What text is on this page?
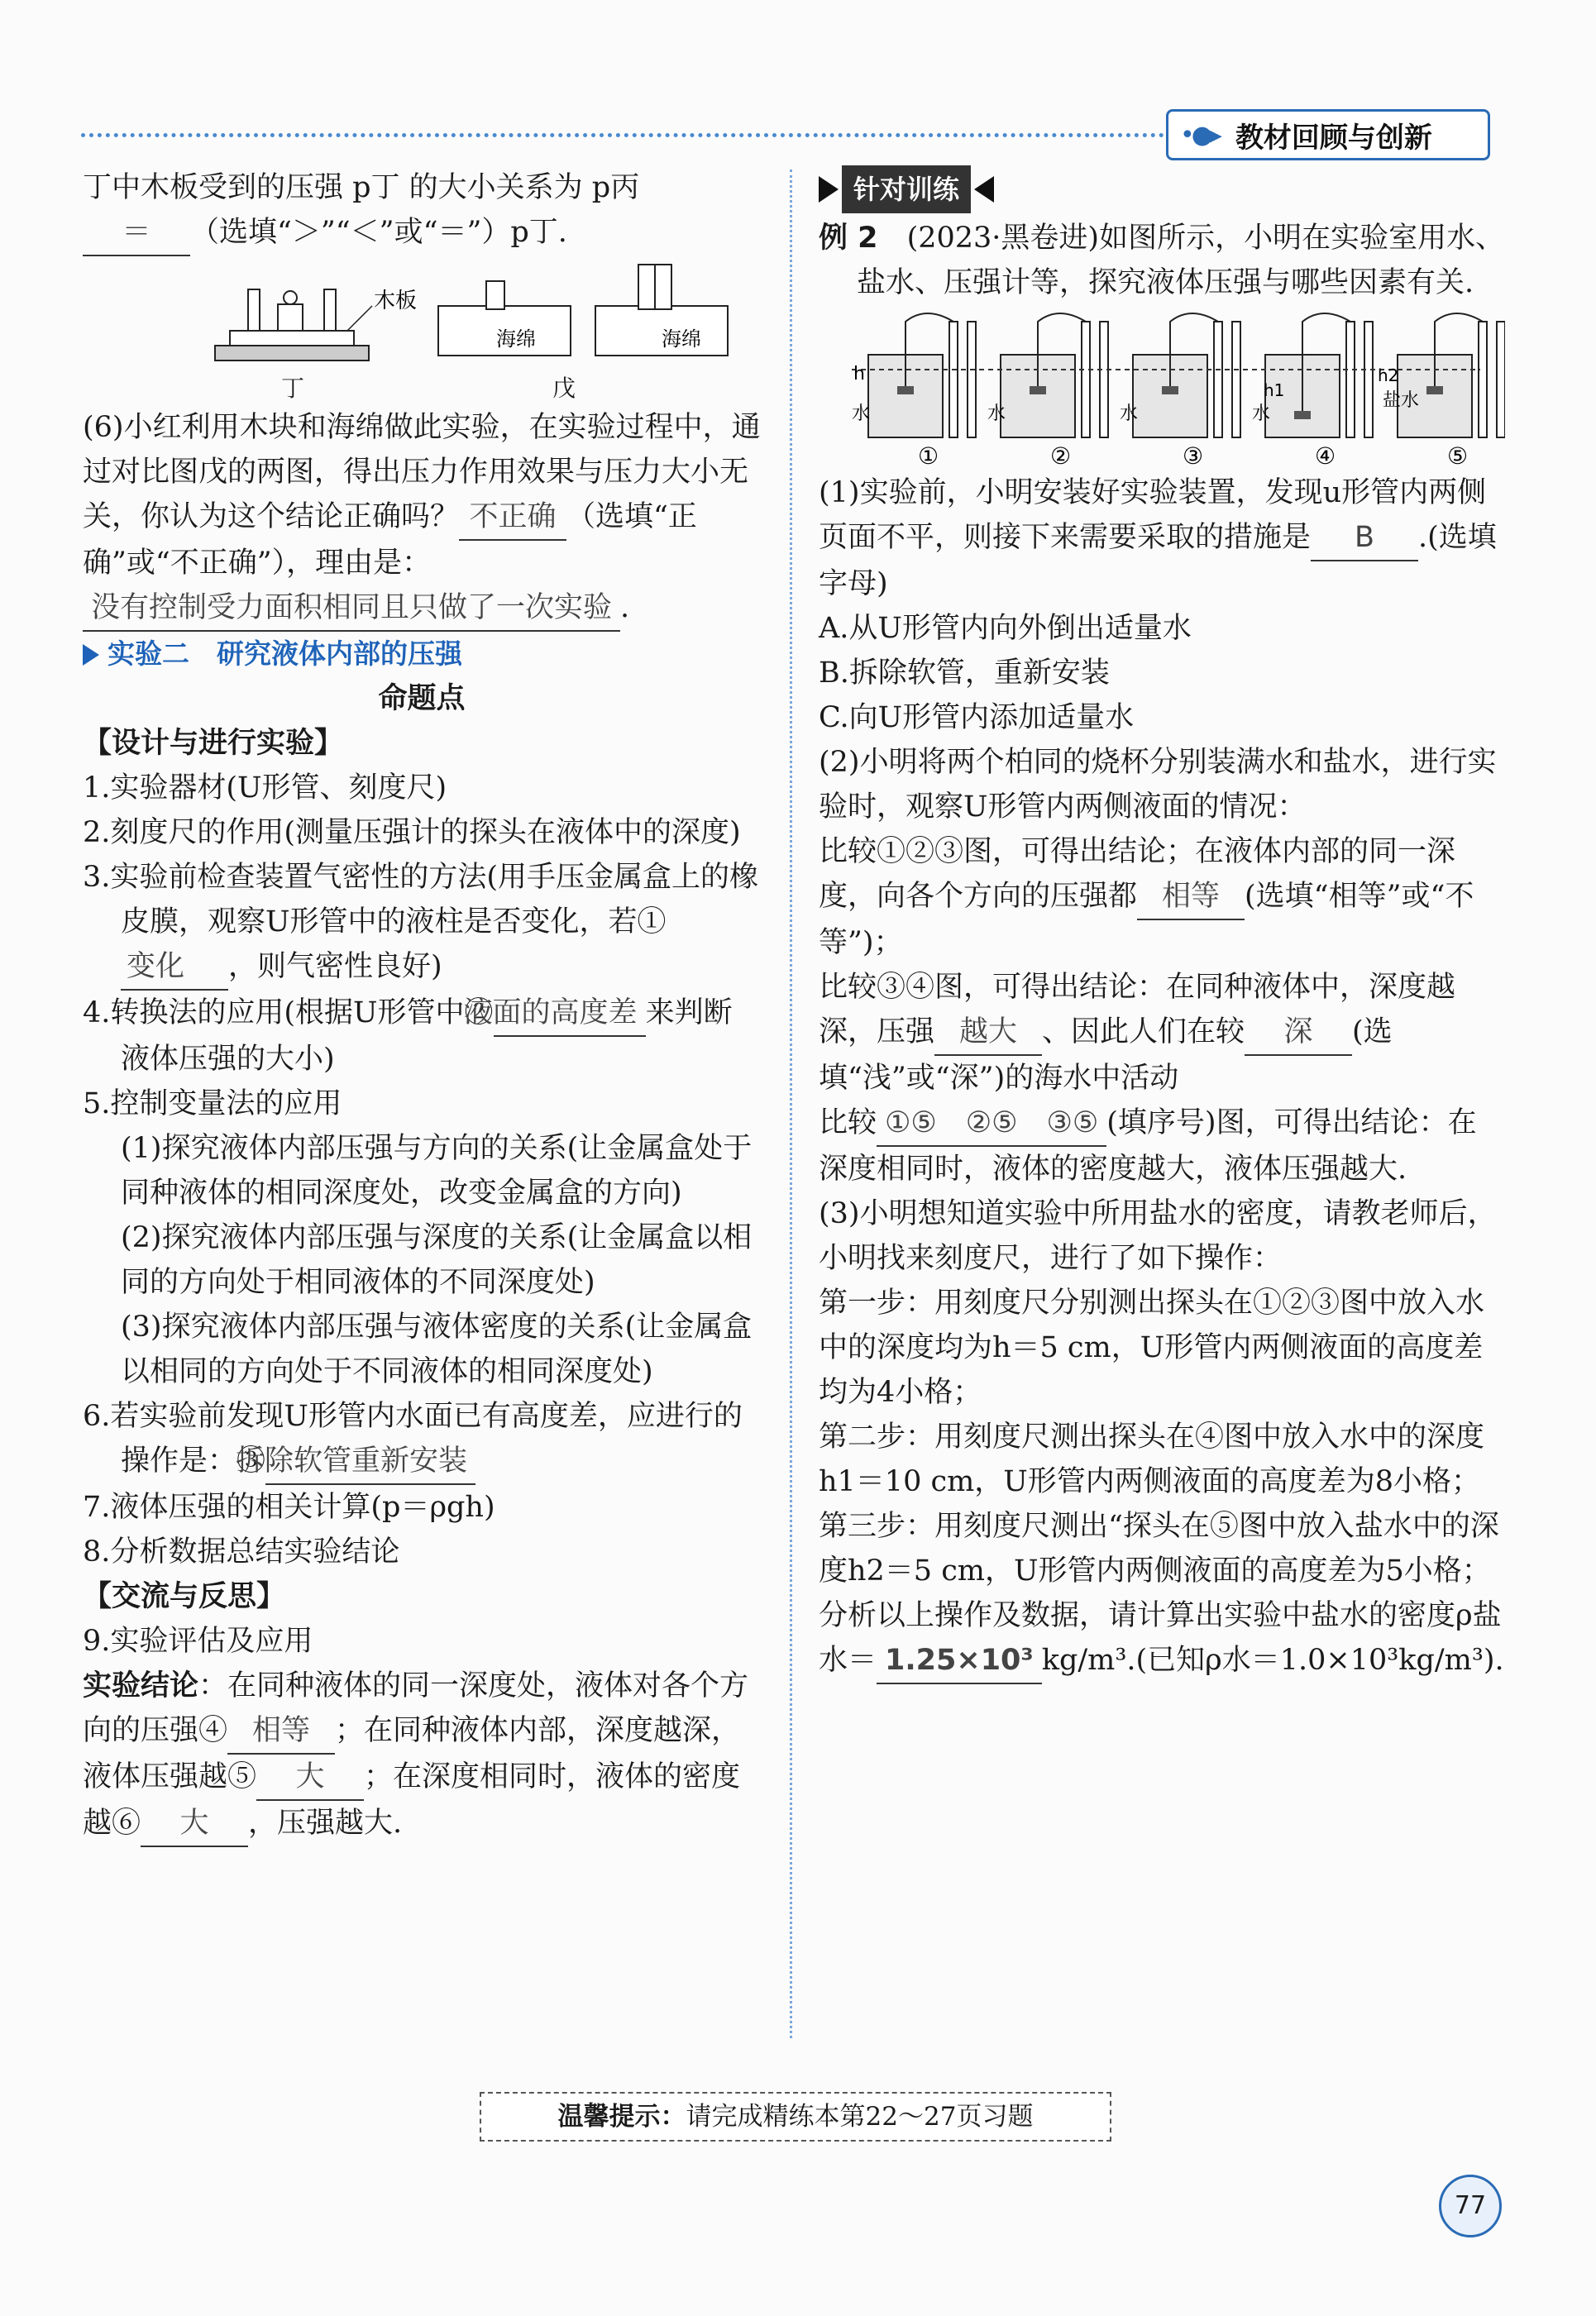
•●▸ 教材回顾与创新

丁中木板受到的压强 p丁 的大小关系为 p丙

＝ （选填“＞”“＜”或“＝”）p丁.

木板
海绵	海绵
丁	戊

(6)小红利用木块和海绵做此实验，在实验过程中，通过对比图戊的两图，得出压力作用效果与压力大小无关，你认为这个结论正确吗？ 不正确 （选填“正确”或“不正确”），理由是：没有控制受力面积相同且只做了一次实验 .

实验二　研究液体内部的压强

命题点

【设计与进行实验】

1.实验器材(U形管、刻度尺)

2.刻度尺的作用(测量压强计的探头在液体中的深度)

3.实验前检查装置气密性的方法(用手压金属盒上的橡皮膜，观察U形管中的液柱是否变化，若①变化 ，则气密性良好)

4.转换法的应用(根据U形管中②液面的高度差 来判断液体压强的大小)

5.控制变量法的应用

(1)探究液体内部压强与方向的关系(让金属盒处于同种液体的相同深度处，改变金属盒的方向)

(2)探究液体内部压强与深度的关系(让金属盒以相同的方向处于相同液体的不同深度处)

(3)探究液体内部压强与液体密度的关系(让金属盒以相同的方向处于不同液体的相同深度处)

6.若实验前发现U形管内水面已有高度差，应进行的操作是：③拆除软管重新安装

7.液体压强的相关计算(p＝ρgh)

8.分析数据总结实验结论

【交流与反思】

9.实验评估及应用

实验结论：在同种液体的同一深度处，液体对各个方向的压强④ 相等 ；在同种液体内部，深度越深，液体压强越⑤ 大 ；在深度相同时，液体的密度越⑥ 大 ，压强越大.

针对训练

例 2　 (2023·黑卷进)如图所示，小明在实验室用水、盐水、压强计等，探究液体压强与哪些因素有关.

h
h1
h2
水	水	水	水
盐水
①	②	③	④	⑤

(1)实验前，小明安装好实验装置，发现u形管内两侧页面不平，则接下来需要采取的措施是 B .(选填字母)

A.从U形管内向外倒出适量水

B.拆除软管，重新安装

C.向U形管内添加适量水

(2)小明将两个柏同的烧杯分别装满水和盐水，进行实验时，观察U形管内两侧液面的情况：

比较①②③图，可得出结论；在液体内部的同一深度，向各个方向的压强都 相等 (选填“相等”或“不等”)；

比较③④图，可得出结论：在同种液体中，深度越深，压强 越大 、因此人们在较 深 (选填“浅”或“深”)的海水中活动

比较 ①⑤　②⑤　③⑤ (填序号)图，可得出结论：在深度相同时，液体的密度越大，液体压强越大.

(3)小明想知道实验中所用盐水的密度，请教老师后，小明找来刻度尺，进行了如下操作：

第一步：用刻度尺分别测出探头在①②③图中放入水中的深度均为h＝5 cm，U形管内两侧液面的高度差均为4小格；

第二步：用刻度尺测出探头在④图中放入水中的深度h1＝10 cm，U形管内两侧液面的高度差为8小格；

第三步：用刻度尺测出“探头在⑤图中放入盐水中的深度h2＝5 cm，U形管内两侧液面的高度差为5小格；

分析以上操作及数据，请计算出实验中盐水的密度ρ盐水＝ 1.25×10³ kg/m³.(已知ρ水＝1.0×10³kg/m³).

温馨提示：请完成精练本第22～27页习题
77
